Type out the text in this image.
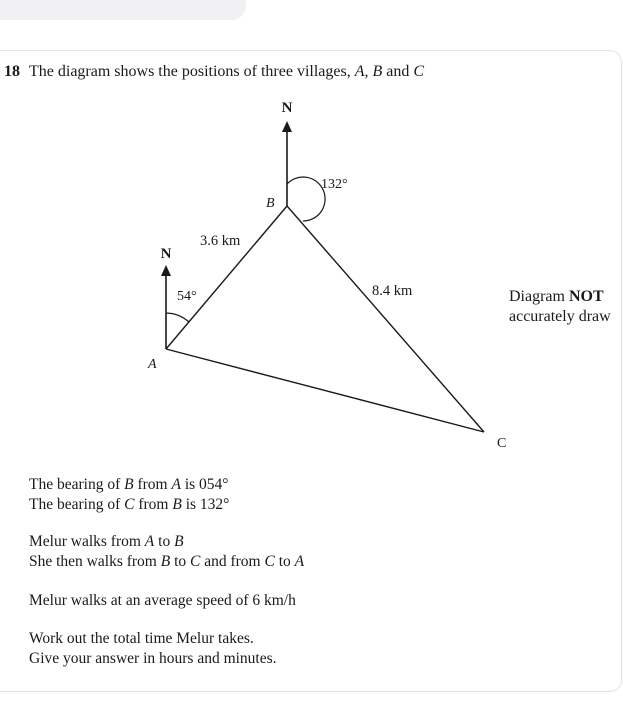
18 The diagram shows the positions of three villages, A, B and C
N
N
54°
132°
3.6 km
8.4 km
A
B
C
Diagram NOT
accurately draw
The bearing of B from A is 054°
The bearing of C from B is 132°
Melur walks from A to B
She then walks from B to C and from C to A
Melur walks at an average speed of 6 km/h
Work out the total time Melur takes.
Give your answer in hours and minutes.
